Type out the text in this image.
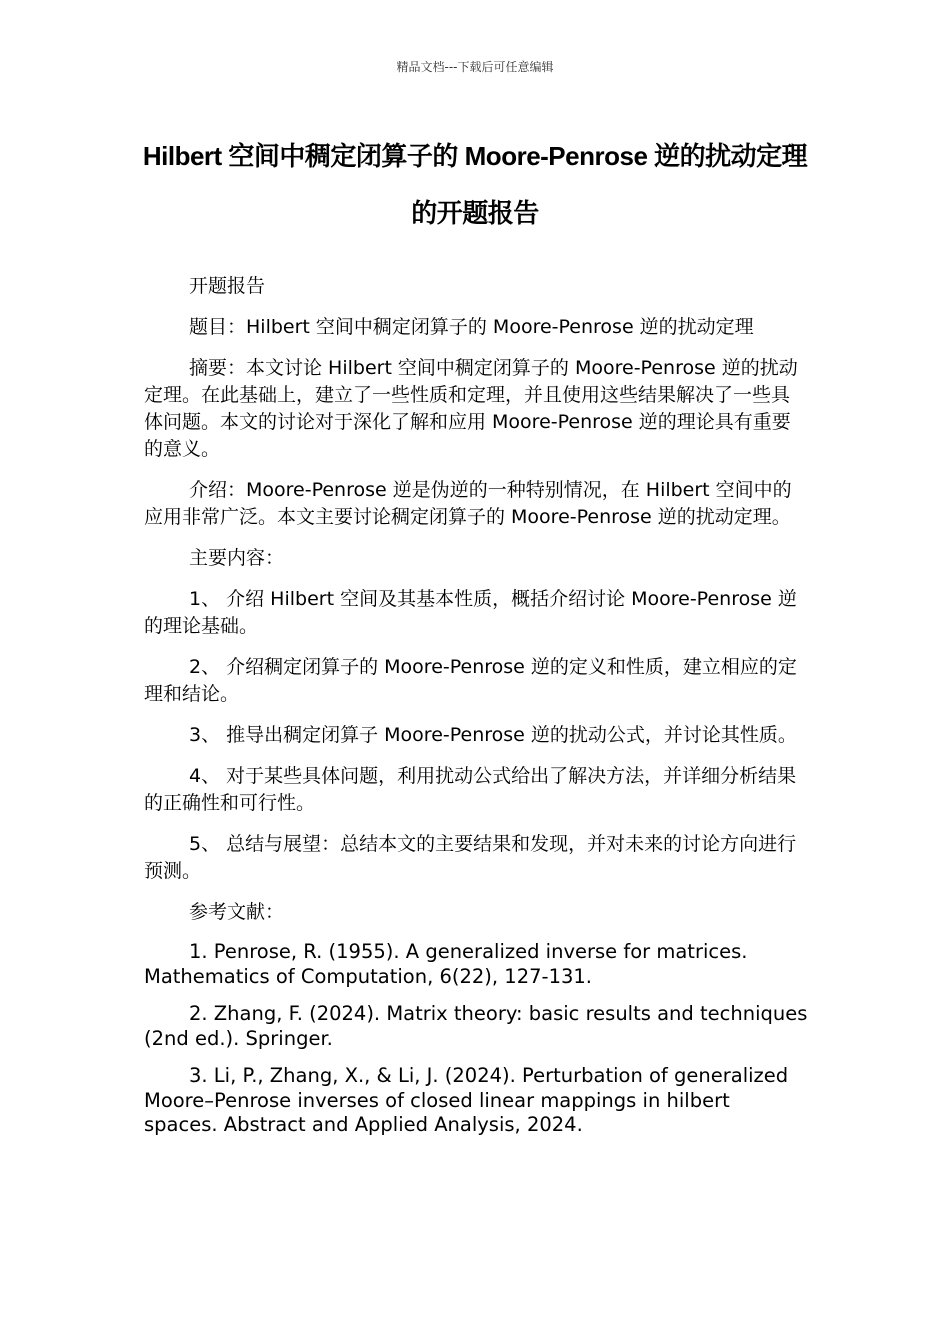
精品文档---下载后可任意编辑
Hilbert 空间中稠定闭算子的 Moore-Penrose 逆的扰动定理的开题报告

开题报告

题目：Hilbert 空间中稠定闭算子的 Moore-Penrose 逆的扰动定理

摘要：本文讨论 Hilbert 空间中稠定闭算子的 Moore-Penrose 逆的扰动定理。在此基础上，建立了一些性质和定理，并且使用这些结果解决了一些具体问题。本文的讨论对于深化了解和应用 Moore-Penrose 逆的理论具有重要的意义。

介绍：Moore-Penrose 逆是伪逆的一种特别情况，在 Hilbert 空间中的应用非常广泛。本文主要讨论稠定闭算子的 Moore-Penrose 逆的扰动定理。

主要内容：

1、 介绍 Hilbert 空间及其基本性质，概括介绍讨论 Moore-Penrose 逆的理论基础。

2、 介绍稠定闭算子的 Moore-Penrose 逆的定义和性质，建立相应的定理和结论。

3、 推导出稠定闭算子 Moore-Penrose 逆的扰动公式，并讨论其性质。

4、 对于某些具体问题，利用扰动公式给出了解决方法，并详细分析结果的正确性和可行性。

5、 总结与展望：总结本文的主要结果和发现，并对未来的讨论方向进行预测。

参考文献：

1. Penrose, R. (1955). A generalized inverse for matrices. Mathematics of Computation, 6(22), 127-131.

2. Zhang, F. (2024). Matrix theory: basic results and techniques (2nd ed.). Springer.

3. Li, P., Zhang, X., & Li, J. (2024). Perturbation of generalized Moore–Penrose inverses of closed linear mappings in hilbert spaces. Abstract and Applied Analysis, 2024.
